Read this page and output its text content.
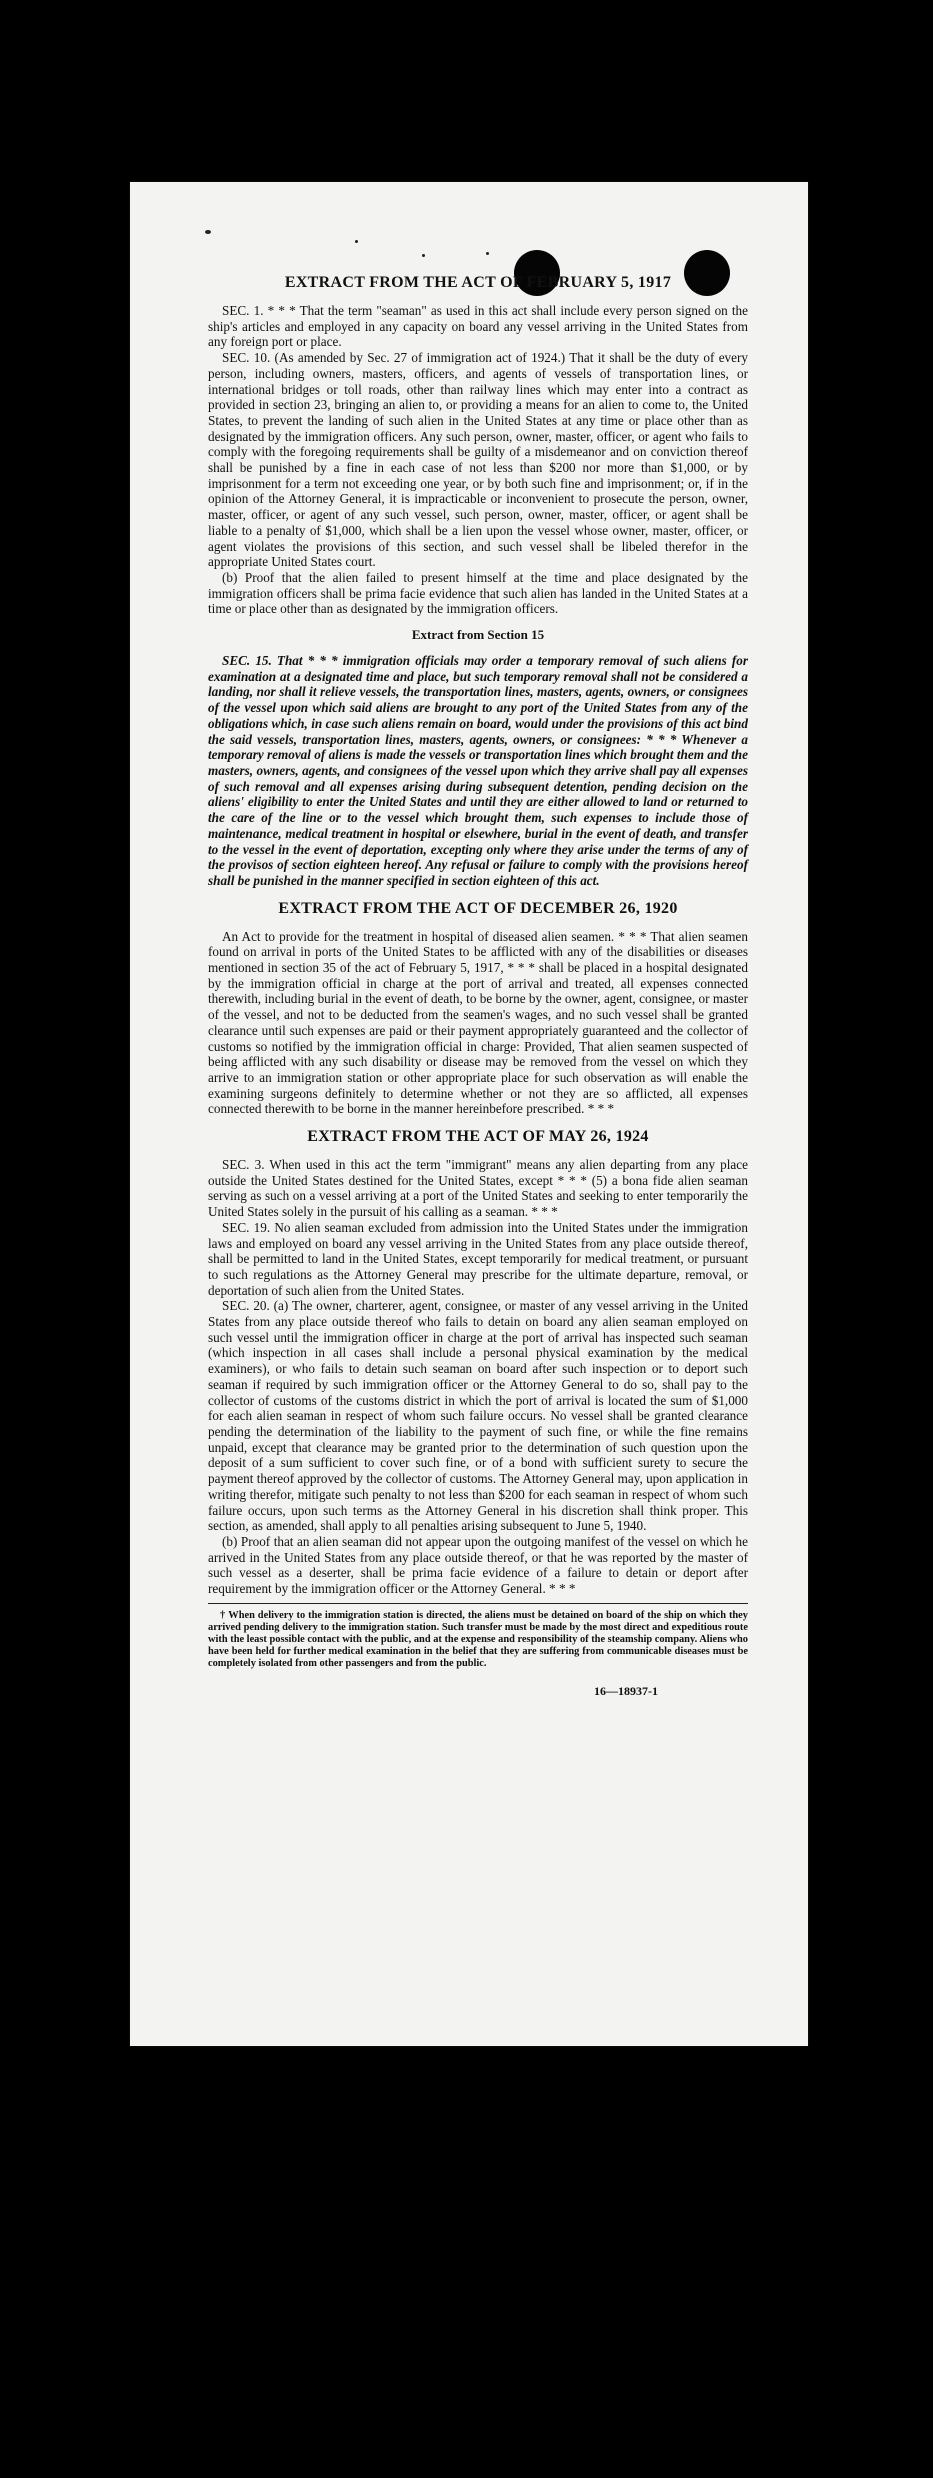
EXTRACT FROM THE ACT OF FEBRUARY 5, 1917

SEC. 1. * * * That the term "seaman" as used in this act shall include every person signed on the ship's articles and employed in any capacity on board any vessel arriving in the United States from any foreign port or place.

SEC. 10. (As amended by Sec. 27 of immigration act of 1924.) That it shall be the duty of every person, including owners, masters, officers, and agents of vessels of transportation lines, or international bridges or toll roads, other than railway lines which may enter into a contract as provided in section 23, bringing an alien to, or providing a means for an alien to come to, the United States, to prevent the landing of such alien in the United States at any time or place other than as designated by the immigration officers. Any such person, owner, master, officer, or agent who fails to comply with the foregoing requirements shall be guilty of a misdemeanor and on conviction thereof shall be punished by a fine in each case of not less than $200 nor more than $1,000, or by imprisonment for a term not exceeding one year, or by both such fine and imprisonment; or, if in the opinion of the Attorney General, it is impracticable or inconvenient to prosecute the person, owner, master, officer, or agent of any such vessel, such person, owner, master, officer, or agent shall be liable to a penalty of $1,000, which shall be a lien upon the vessel whose owner, master, officer, or agent violates the provisions of this section, and such vessel shall be libeled therefor in the appropriate United States court.

(b) Proof that the alien failed to present himself at the time and place designated by the immigration officers shall be prima facie evidence that such alien has landed in the United States at a time or place other than as designated by the immigration officers.

Extract from Section 15

SEC. 15. That * * * immigration officials may order a temporary removal of such aliens for examination at a designated time and place, but such temporary removal shall not be considered a landing, nor shall it relieve vessels, the transportation lines, masters, agents, owners, or consignees of the vessel upon which said aliens are brought to any port of the United States from any of the obligations which, in case such aliens remain on board, would under the provisions of this act bind the said vessels, transportation lines, masters, agents, owners, or consignees: * * * Whenever a temporary removal of aliens is made the vessels or transportation lines which brought them and the masters, owners, agents, and consignees of the vessel upon which they arrive shall pay all expenses of such removal and all expenses arising during subsequent detention, pending decision on the aliens' eligibility to enter the United States and until they are either allowed to land or returned to the care of the line or to the vessel which brought them, such expenses to include those of maintenance, medical treatment in hospital or elsewhere, burial in the event of death, and transfer to the vessel in the event of deportation, excepting only where they arise under the terms of any of the provisos of section eighteen hereof. Any refusal or failure to comply with the provisions hereof shall be punished in the manner specified in section eighteen of this act.

EXTRACT FROM THE ACT OF DECEMBER 26, 1920

An Act to provide for the treatment in hospital of diseased alien seamen. * * * That alien seamen found on arrival in ports of the United States to be afflicted with any of the disabilities or diseases mentioned in section 35 of the act of February 5, 1917, * * * shall be placed in a hospital designated by the immigration official in charge at the port of arrival and treated, all expenses connected therewith, including burial in the event of death, to be borne by the owner, agent, consignee, or master of the vessel, and not to be deducted from the seamen's wages, and no such vessel shall be granted clearance until such expenses are paid or their payment appropriately guaranteed and the collector of customs so notified by the immigration official in charge: Provided, That alien seamen suspected of being afflicted with any such disability or disease may be removed from the vessel on which they arrive to an immigration station or other appropriate place for such observation as will enable the examining surgeons definitely to determine whether or not they are so afflicted, all expenses connected therewith to be borne in the manner hereinbefore prescribed. * * *

EXTRACT FROM THE ACT OF MAY 26, 1924

SEC. 3. When used in this act the term "immigrant" means any alien departing from any place outside the United States destined for the United States, except * * * (5) a bona fide alien seaman serving as such on a vessel arriving at a port of the United States and seeking to enter temporarily the United States solely in the pursuit of his calling as a seaman. * * *

SEC. 19. No alien seaman excluded from admission into the United States under the immigration laws and employed on board any vessel arriving in the United States from any place outside thereof, shall be permitted to land in the United States, except temporarily for medical treatment, or pursuant to such regulations as the Attorney General may prescribe for the ultimate departure, removal, or deportation of such alien from the United States.

SEC. 20. (a) The owner, charterer, agent, consignee, or master of any vessel arriving in the United States from any place outside thereof who fails to detain on board any alien seaman employed on such vessel until the immigration officer in charge at the port of arrival has inspected such seaman (which inspection in all cases shall include a personal physical examination by the medical examiners), or who fails to detain such seaman on board after such inspection or to deport such seaman if required by such immigration officer or the Attorney General to do so, shall pay to the collector of customs of the customs district in which the port of arrival is located the sum of $1,000 for each alien seaman in respect of whom such failure occurs. No vessel shall be granted clearance pending the determination of the liability to the payment of such fine, or while the fine remains unpaid, except that clearance may be granted prior to the determination of such question upon the deposit of a sum sufficient to cover such fine, or of a bond with sufficient surety to secure the payment thereof approved by the collector of customs. The Attorney General may, upon application in writing therefor, mitigate such penalty to not less than $200 for each seaman in respect of whom such failure occurs, upon such terms as the Attorney General in his discretion shall think proper. This section, as amended, shall apply to all penalties arising subsequent to June 5, 1940.

(b) Proof that an alien seaman did not appear upon the outgoing manifest of the vessel on which he arrived in the United States from any place outside thereof, or that he was reported by the master of such vessel as a deserter, shall be prima facie evidence of a failure to detain or deport after requirement by the immigration officer or the Attorney General. * * *

† When delivery to the immigration station is directed, the aliens must be detained on board of the ship on which they arrived pending delivery to the immigration station. Such transfer must be made by the most direct and expeditious route with the least possible contact with the public, and at the expense and responsibility of the steamship company. Aliens who have been held for further medical examination in the belief that they are suffering from communicable diseases must be completely isolated from other passengers and from the public.

16—18937-1
